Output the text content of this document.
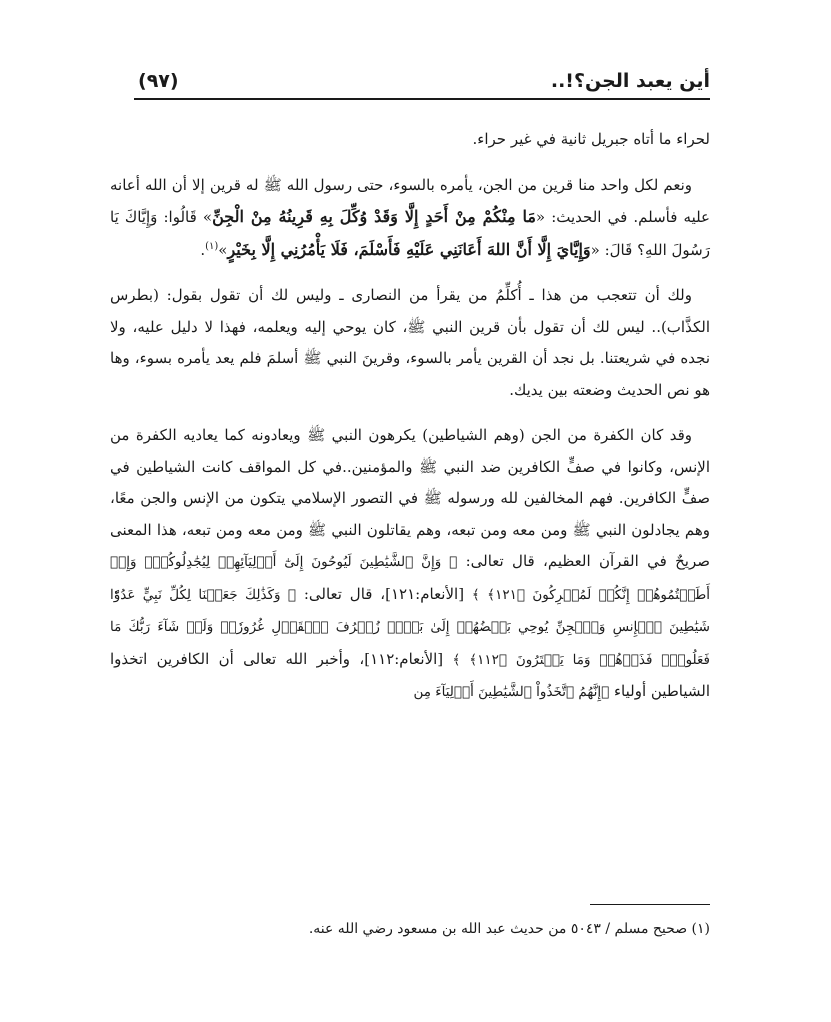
أين يعبد الجن؟!..
(٩٧)

لحراء ما أتاه جبريل ثانية في غير حراء.

ونعم لكل واحد منا قرين من الجن، يأمره بالسوء، حتى رسول الله ﷺ له قرين إلا أن الله أعانه عليه فأسلم. في الحديث: «مَا مِنْكُمْ مِنْ أَحَدٍ إِلَّا وَقَدْ وُكِّلَ بِهِ قَرِينُهُ مِنْ الْجِنِّ» قَالُوا: وَإِيَّاكَ يَا رَسُولَ اللهِ؟ قَالَ: «وَإِيَّايَ إِلَّا أَنَّ اللهَ أَعَانَنِي عَلَيْهِ فَأَسْلَمَ، فَلَا يَأْمُرُنِي إِلَّا بِخَيْرٍ»$^{(١)}$.

ولك أن تتعجب من هذا ـ أُكلِّمُ من يقرأ من النصارى ـ وليس لك أن تقول بقول: (بطرس الكذَّاب).. ليس لك أن تقول بأن قرين النبي ﷺ، كان يوحي إليه ويعلمه، فهذا لا دليل عليه، ولا نجده في شريعتنا. بل نجد أن القرين يأمر بالسوء، وقرينَ النبي ﷺ أسلمَ فلم يعد يأمره بسوء، وها هو نص الحديث وضعته بين يديك.

وقد كان الكفرة من الجن (وهم الشياطين) يكرهون النبي ﷺ ويعادونه كما يعاديه الكفرة من الإنس، وكانوا في صفٍّ الكافرين ضد النبي ﷺ والمؤمنين..في كل المواقف كانت الشياطين في صفٍّ الكافرين. فهم المخالفين لله ورسوله ﷺ في التصور الإسلامي يتكون من الإنس والجن معًا، وهم يجادلون النبي ﷺ ومن معه ومن تبعه، وهم يقاتلون النبي ﷺ ومن معه ومن تبعه، هذا المعنى صريحٌ في القرآن العظيم، قال تعالى: ﴿ وَإِنَّ ٱلشَّيَٰطِينَ لَيُوحُونَ إِلَىٰٓ أَوۡلِيَآئِهِمۡ لِيُجَٰدِلُوكُمۡۖ وَإِنۡ أَطَعۡتُمُوهُمۡ إِنَّكُمۡ لَمُشۡرِكُونَ ﴿١٢١﴾ ﴾ [الأنعام:١٢١]، قال تعالى: ﴿ وَكَذَٰلِكَ جَعَلۡنَا لِكُلِّ نَبِيٍّ عَدُوّٗا شَيَٰطِينَ ٱلۡإِنسِ وَٱلۡجِنِّ يُوحِي بَعۡضُهُمۡ إِلَىٰ بَعۡضٖ زُخۡرُفَ ٱلۡقَوۡلِ غُرُورٗاۚ وَلَوۡ شَآءَ رَبُّكَ مَا فَعَلُوهُۖ فَذَرۡهُمۡ وَمَا يَفۡتَرُونَ ﴿١١٢﴾ ﴾ [الأنعام:١١٢]، وأخبر الله تعالى أن الكافرين اتخذوا الشياطين أولياء ﴿إِنَّهُمُ ٱتَّخَذُواْ ٱلشَّيَٰطِينَ أَوۡلِيَآءَ مِن

(١) صحيح مسلم / ٥٠٤٣ من حديث عبد الله بن مسعود رضي الله عنه.
